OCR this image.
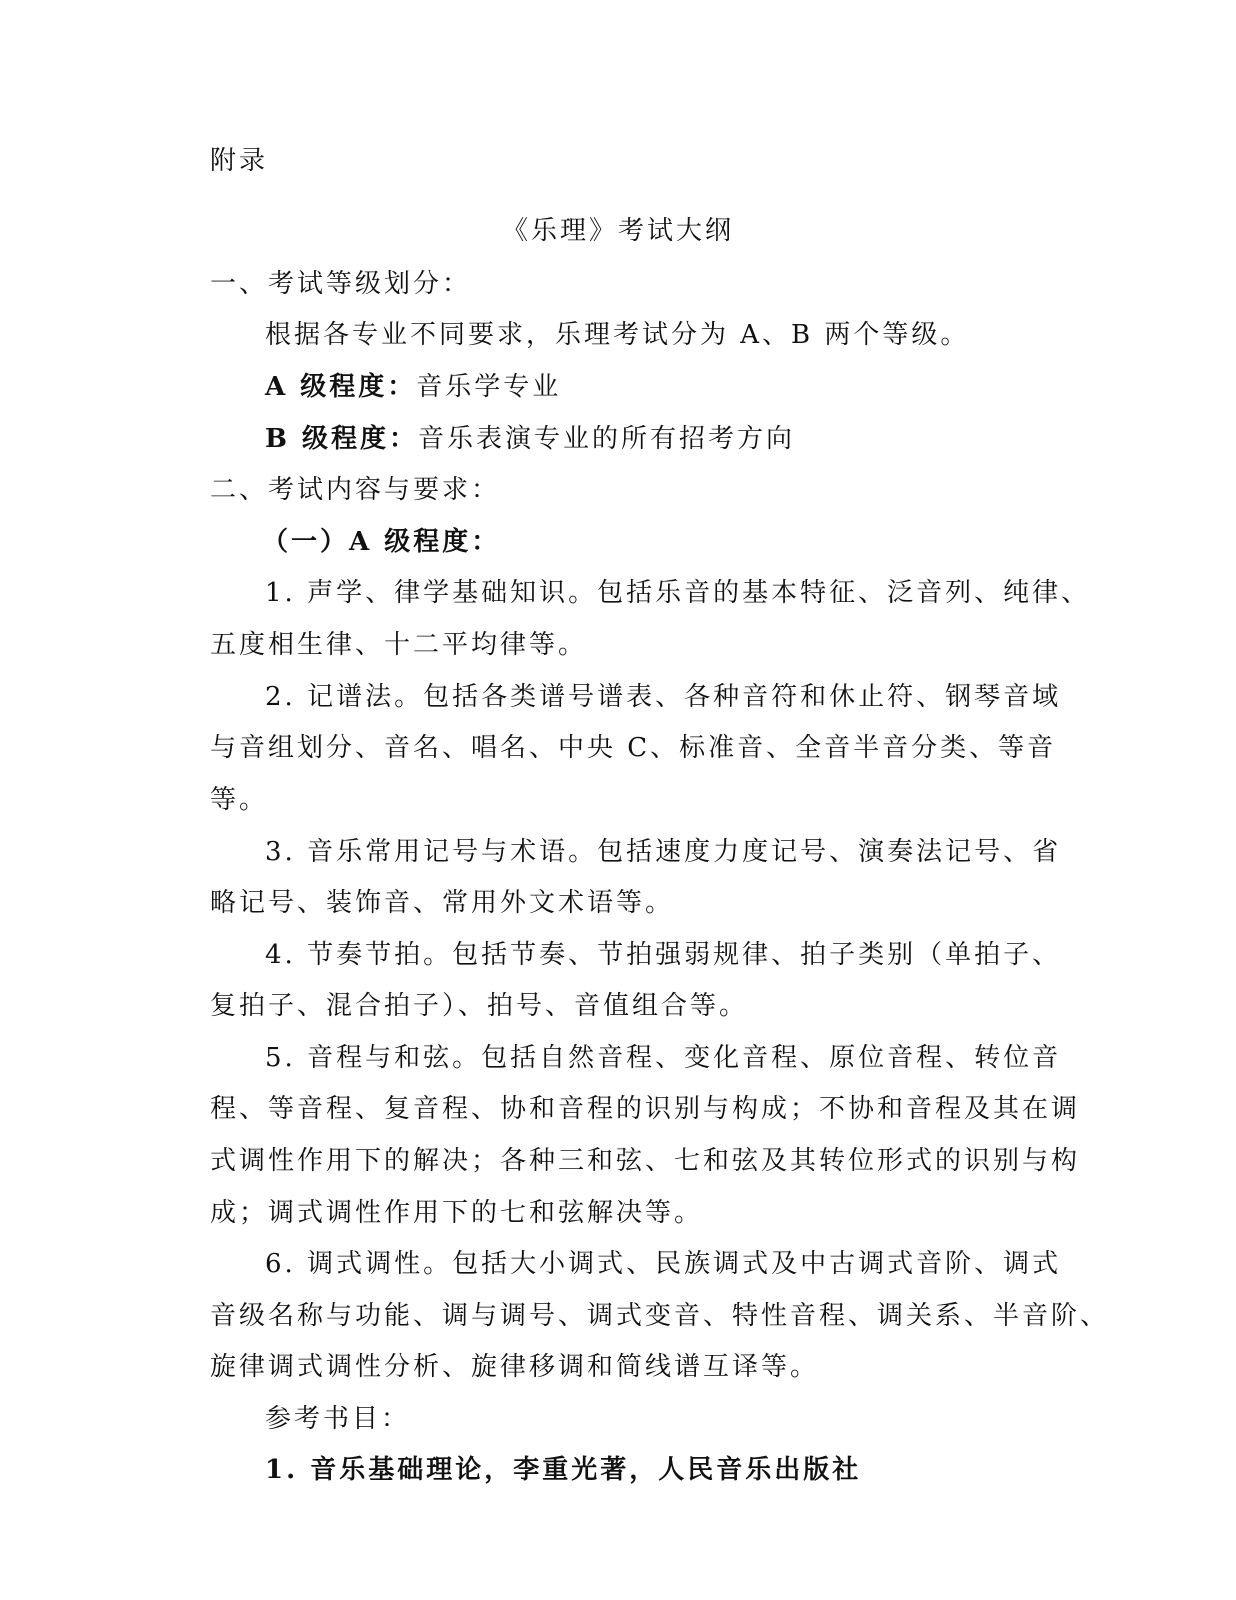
附录
《乐理》考试大纲
一、考试等级划分：
根据各专业不同要求，乐理考试分为 A、B 两个等级。
A 级程度：音乐学专业
B 级程度：音乐表演专业的所有招考方向
二、考试内容与要求：
（一）A 级程度：
1. 声学、律学基础知识。包括乐音的基本特征、泛音列、纯律、
五度相生律、十二平均律等。
2. 记谱法。包括各类谱号谱表、各种音符和休止符、钢琴音域
与音组划分、音名、唱名、中央 C、标准音、全音半音分类、等音
等。
3. 音乐常用记号与术语。包括速度力度记号、演奏法记号、省
略记号、装饰音、常用外文术语等。
4. 节奏节拍。包括节奏、节拍强弱规律、拍子类别（单拍子、
复拍子、混合拍子）、拍号、音值组合等。
5. 音程与和弦。包括自然音程、变化音程、原位音程、转位音
程、等音程、复音程、协和音程的识别与构成；不协和音程及其在调
式调性作用下的解决；各种三和弦、七和弦及其转位形式的识别与构
成；调式调性作用下的七和弦解决等。
6. 调式调性。包括大小调式、民族调式及中古调式音阶、调式
音级名称与功能、调与调号、调式变音、特性音程、调关系、半音阶、
旋律调式调性分析、旋律移调和简线谱互译等。
参考书目：
1. 音乐基础理论，李重光著，人民音乐出版社
